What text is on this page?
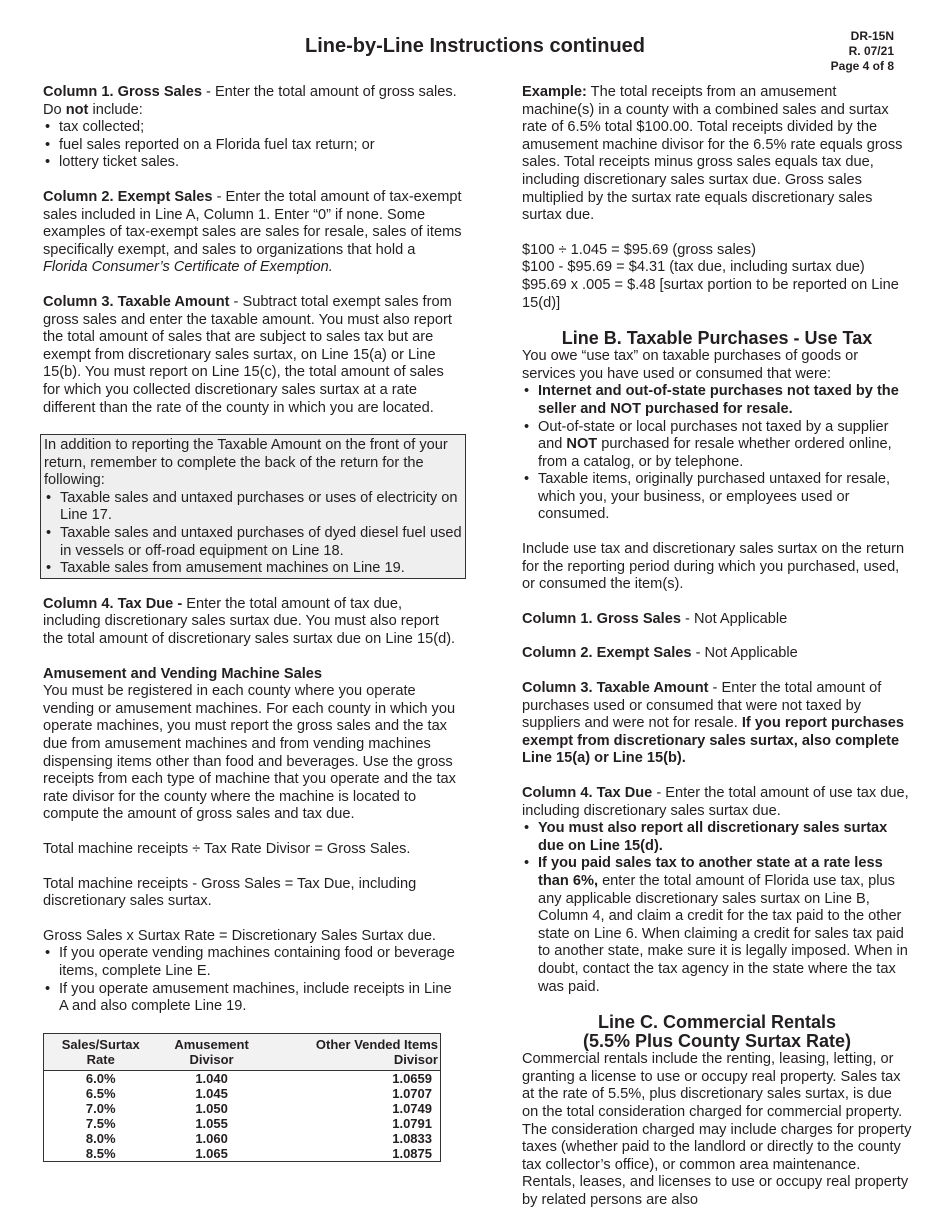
Line-by-Line Instructions continued	DR-15N
R. 07/21
Page 4 of 8
Column 1. Gross Sales - Enter the total amount of gross sales. Do not include:
• tax collected;
• fuel sales reported on a Florida fuel tax return; or
• lottery ticket sales.

Column 2. Exempt Sales - Enter the total amount of tax-exempt sales included in Line A, Column 1. Enter “0” if none. Some examples of tax-exempt sales are sales for resale, sales of items specifically exempt, and sales to organizations that hold a Florida Consumer’s Certificate of Exemption.

Column 3. Taxable Amount - Subtract total exempt sales from gross sales and enter the taxable amount. You must also report the total amount of sales that are subject to sales tax but are exempt from discretionary sales surtax, on Line 15(a) or Line 15(b). You must report on Line 15(c), the total amount of sales for which you collected discretionary sales surtax at a rate different than the rate of the county in which you are located.

In addition to reporting the Taxable Amount on the front of your return, remember to complete the back of the return for the following:

• Taxable sales and untaxed purchases or uses of electricity on Line 17.
• Taxable sales and untaxed purchases of dyed diesel fuel used in vessels or off-road equipment on Line 18.
• Taxable sales from amusement machines on Line 19.

Column 4. Tax Due - Enter the total amount of tax due, including discretionary sales surtax due. You must also report the total amount of discretionary sales surtax due on Line 15(d).

Amusement and Vending Machine Sales

You must be registered in each county where you operate vending or amusement machines. For each county in which you operate machines, you must report the gross sales and the tax due from amusement machines and from vending machines dispensing items other than food and beverages. Use the gross receipts from each type of machine that you operate and the tax rate divisor for the county where the machine is located to compute the amount of gross sales and tax due.

Total machine receipts ÷ Tax Rate Divisor = Gross Sales.

Total machine receipts - Gross Sales = Tax Due, including discretionary sales surtax.

Gross Sales x Surtax Rate = Discretionary Sales Surtax due.
• If you operate vending machines containing food or beverage items, complete Line E.
• If you operate amusement machines, include receipts in Line A and also complete Line 19.
Sales/Surtax
Rate	Amusement
Divisor	Other Vended Items
Divisor
6.0%	1.040	1.0659
6.5%	1.045	1.0707
7.0%	1.050	1.0749
7.5%	1.055	1.0791
8.0%	1.060	1.0833
8.5%	1.065	1.0875

Example: The total receipts from an amusement machine(s) in a county with a combined sales and surtax rate of 6.5% total $100.00. Total receipts divided by the amusement machine divisor for the 6.5% rate equals gross sales. Total receipts minus gross sales equals tax due, including discretionary sales surtax due. Gross sales multiplied by the surtax rate equals discretionary sales surtax due.

$100 ÷ 1.045 = $95.69 (gross sales)
$100 - $95.69 = $4.31 (tax due, including surtax due)
$95.69 x .005 = $.48 [surtax portion to be reported on Line 15(d)]

Line B. Taxable Purchases - Use Tax
You owe “use tax” on taxable purchases of goods or services you have used or consumed that were:
• Internet and out-of-state purchases not taxed by the seller and NOT purchased for resale.
• Out-of-state or local purchases not taxed by a supplier and NOT purchased for resale whether ordered online, from a catalog, or by telephone.
• Taxable items, originally purchased untaxed for resale, which you, your business, or employees used or consumed.

Include use tax and discretionary sales surtax on the return for the reporting period during which you purchased, used, or consumed the item(s).

Column 1. Gross Sales - Not Applicable

Column 2. Exempt Sales - Not Applicable

Column 3. Taxable Amount - Enter the total amount of purchases used or consumed that were not taxed by suppliers and were not for resale. If you report purchases exempt from discretionary sales surtax, also complete Line 15(a) or Line 15(b).

Column 4. Tax Due - Enter the total amount of use tax due, including discretionary sales surtax due.
• You must also report all discretionary sales surtax due on Line 15(d).
• If you paid sales tax to another state at a rate less than 6%, enter the total amount of Florida use tax, plus any applicable discretionary sales surtax on Line B, Column 4, and claim a credit for the tax paid to the other state on Line 6. When claiming a credit for sales tax paid to another state, make sure it is legally imposed. When in doubt, contact the tax agency in the state where the tax was paid.
Line C. Commercial Rentals
(5.5% Plus County Surtax Rate)
Commercial rentals include the renting, leasing, letting, or granting a license to use or occupy real property. Sales tax at the rate of 5.5%, plus discretionary sales surtax, is due on the total consideration charged for commercial property. The consideration charged may include charges for property taxes (whether paid to the landlord or directly to the county tax collector’s office), or common area maintenance. Rentals, leases, and licenses to use or occupy real property by related persons are also
